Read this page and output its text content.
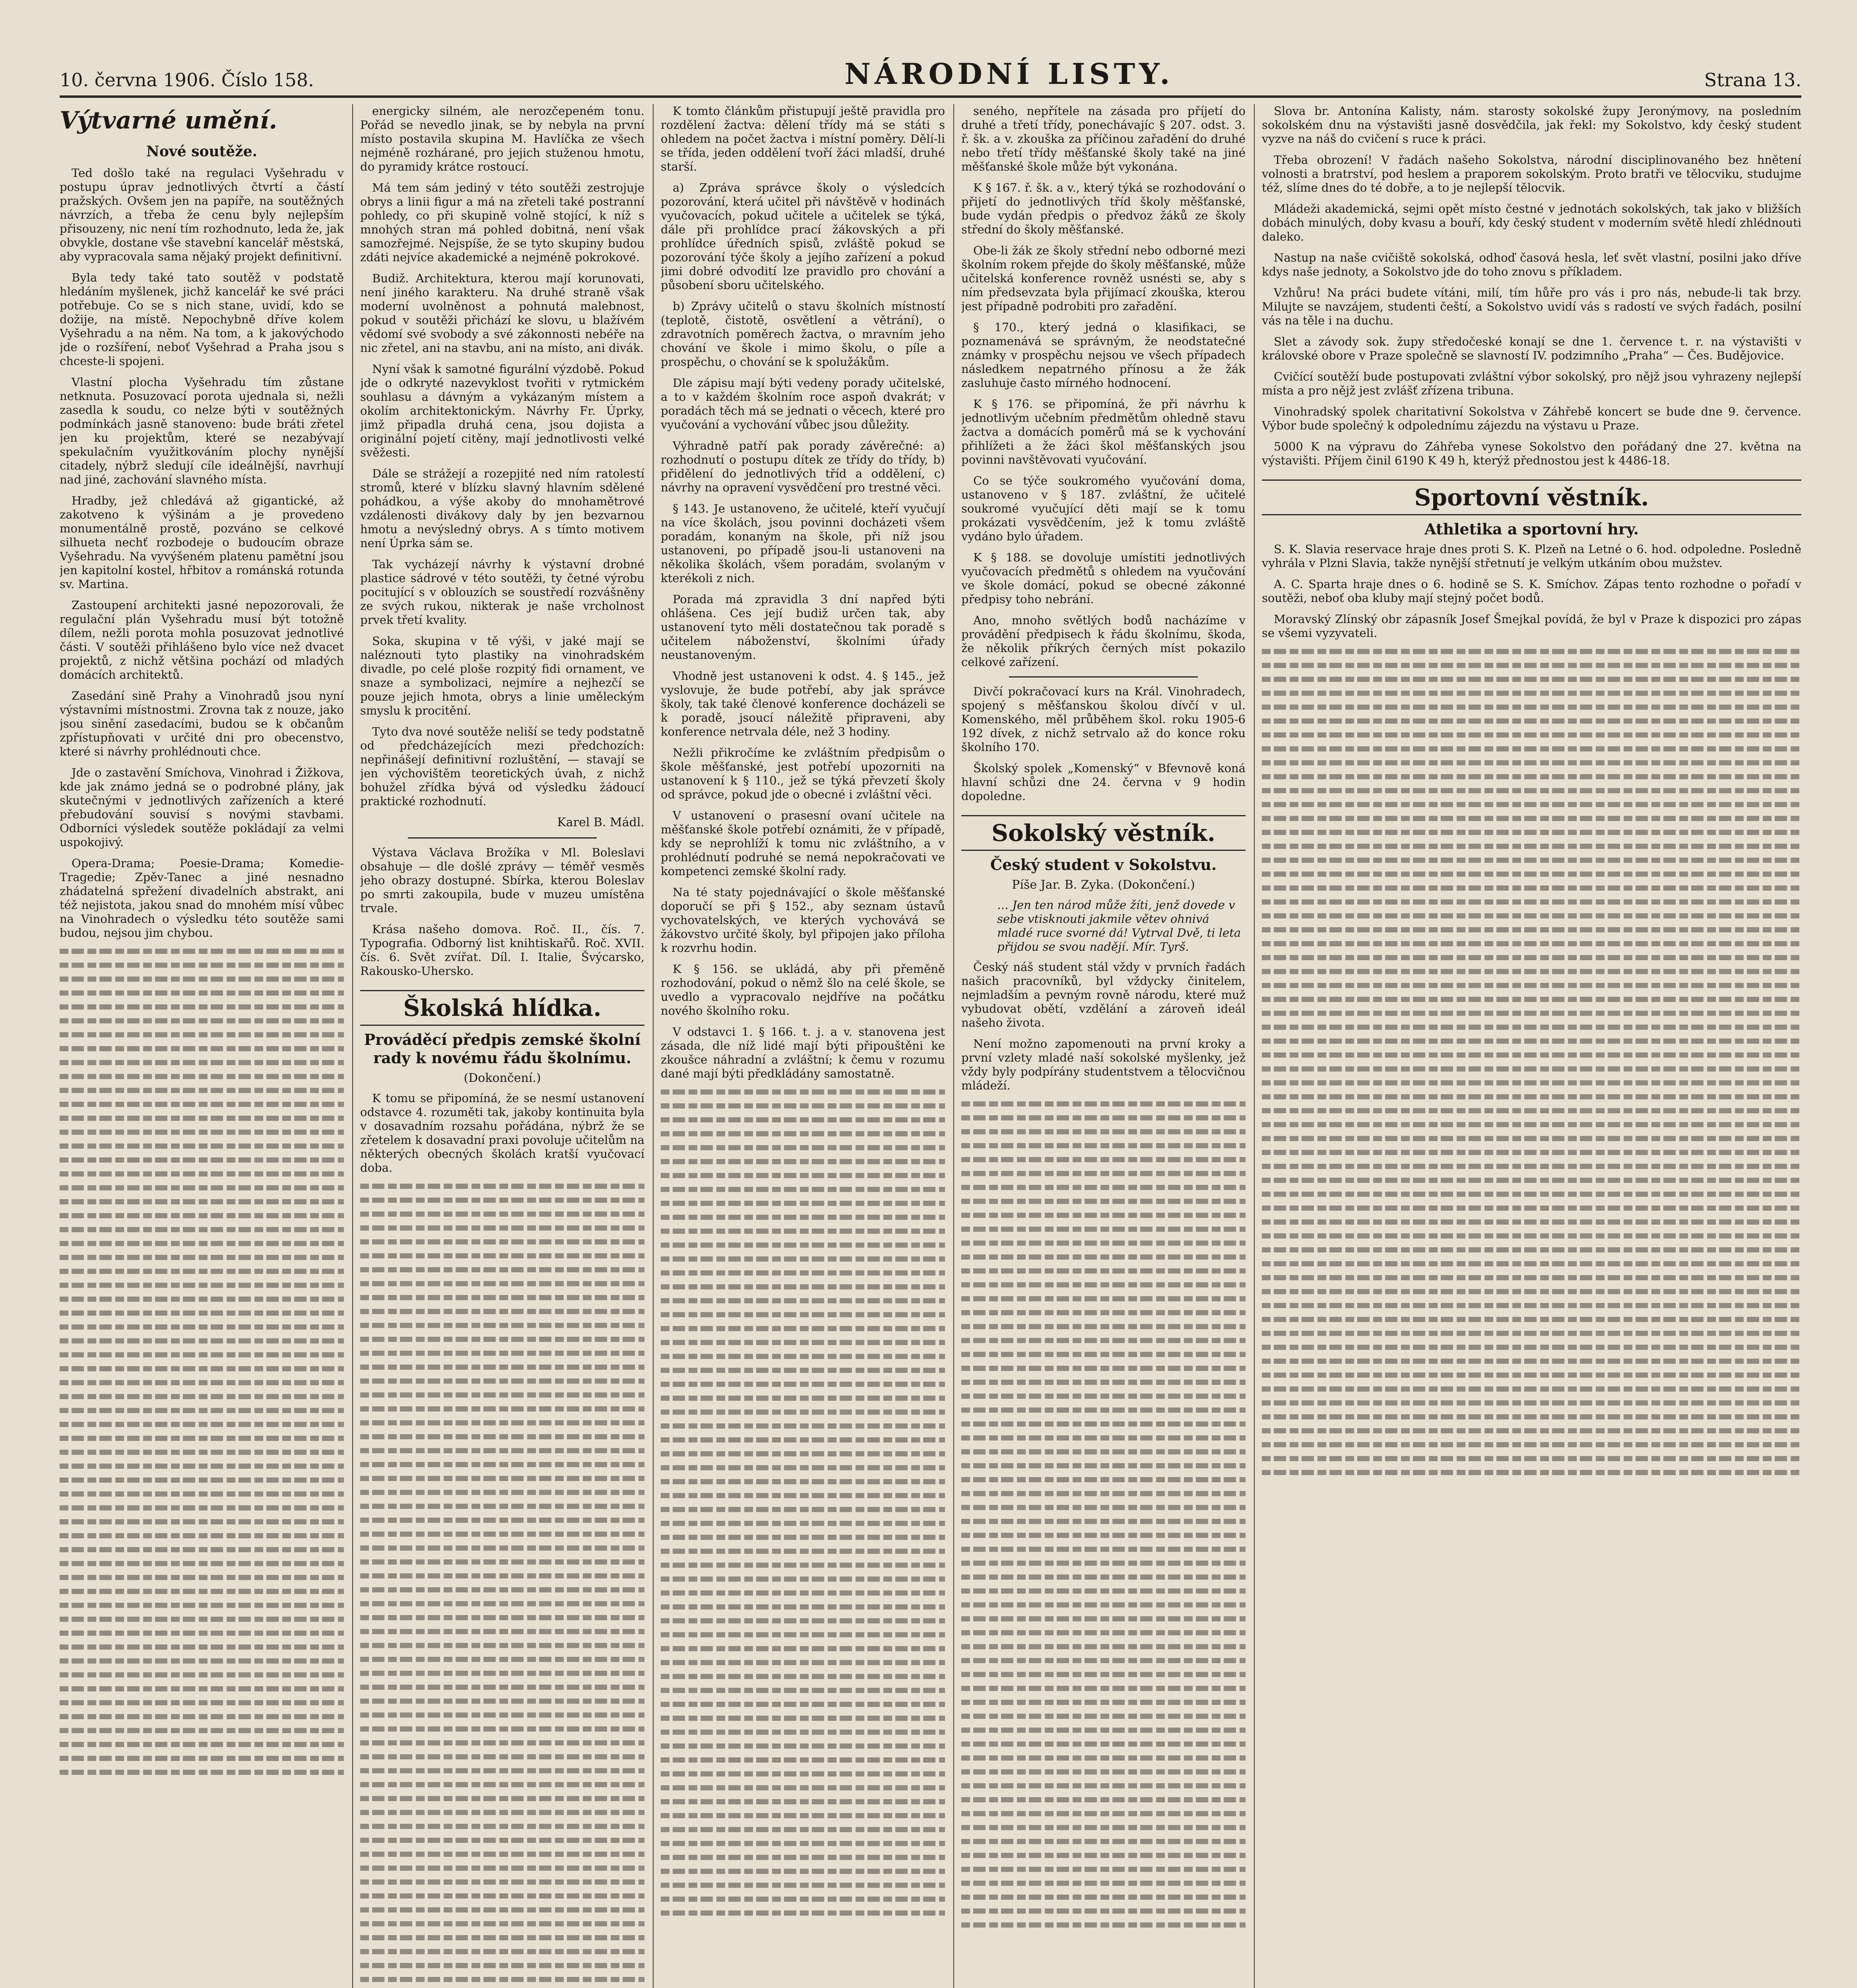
10. června 1906. Číslo 158.	NÁRODNÍ LISTY.	Strana 13.
Výtvarné umění.
Nové soutěže.
Ted došlo také na regulaci Vyšehradu v postupu úprav jednotlivých čtvrtí a částí pražských. Ovšem jen na papíře, na soutěžných návrzích, a třeba že cenu byly nejlepším přisouzeny, nic není tím rozhodnuto, leda že, jak obvykle, dostane vše stavební kancelář městská, aby vypracovala sama nějaký projekt definitivní.
Byla tedy také tato soutěž v podstatě hledáním myšlenek, jichž kancelář ke své práci potřebuje. Co se s nich stane, uvidí, kdo se dožije, na místě. Nepochybně dříve kolem Vyšehradu a na něm. Na tom, a k jakovýchodo jde o rozšíření, neboť Vyšehrad a Praha jsou s chceste-li spojeni.
Vlastní plocha Vyšehradu tím zůstane netknuta. Posuzovací porota ujednala si, nežli zasedla k soudu, co nelze býti v soutěžných podmínkách jasně stanoveno: bude bráti zřetel jen ku projektům, které se nezabývají spekulačním využitkováním plochy nynější citadely, nýbrž sledují cíle ideálnější, navrhují nad jiné, zachování slavného místa.
Hradby, jež chledává až gigantické, až zakotveno k výšinám a je provedeno monumentálně prostě, pozváno se celkové silhueta nechť rozbodeje o budoucím obraze Vyšehradu. Na vyvýšeném platenu pamětní jsou jen kapitolní kostel, hřbitov a románská rotunda sv. Martina.
Zastoupení architekti jasné nepozorovali, že regulační plán Vyšehradu musí být totožně dílem, nežli porota mohla posuzovat jednotlivé části. V soutěži přihlášeno bylo více než dvacet projektů, z nichž většina pochází od mladých domácích architektů.
Zasedání sině Prahy a Vinohradů jsou nyní výstavními místnostmi. Zrovna tak z nouze, jako jsou sinění zasedacími, budou se k občanům zpřístupňovati v určité dni pro obecenstvo, které si návrhy prohlédnouti chce.
Jde o zastavění Smíchova, Vinohrad i Žižkova, kde jak známo jedná se o podrobné plány, jak skutečnými v jednotlivých zařízeních a které přebudování souvisí s novými stavbami. Odborníci výsledek soutěže pokládají za velmi uspokojivý.
Opera-Drama; Poesie-Drama; Komedie-Tragedie; Zpěv-Tanec a jiné nesnadno zhádatelná spřežení divadelních abstrakt, ani též nejistota, jakou snad do mnohém mísí vůbec na Vinohradech o výsledku této soutěže sami budou, nejsou jim chybou.
energicky silném, ale nerozčepeném tonu. Pořád se nevedlo jinak, se by nebyla na první místo postavila skupina M. Havlíčka ze všech nejméně rozhárané, pro jejich stuženou hmotu, do pyramidy krátce rostoucí.
Má tem sám jediný v této soutěži zestrojuje obrys a linii figur a má na zřeteli také postranní pohledy, co při skupině volně stojící, k níž s mnohých stran má pohled dobitná, není však samozřejmé. Nejspíše, že se tyto skupiny budou zdáti nejvíce akademické a nejméně pokrokové.
Budiž. Architektura, kterou mají korunovati, není jiného karakteru. Na druhé straně však moderní uvolněnost a pohnutá malebnost, pokud v soutěži přichází ke slovu, u blažívém vědomí své svobody a své zákonnosti nebéře na nic zřetel, ani na stavbu, ani na místo, ani divák.
Nyní však k samotné figurální výzdobě. Pokud jde o odkryté nazevyklost tvořiti v rytmickém souhlasu a dávným a vykázaným místem a okolím architektonickým. Návrhy Fr. Úprky, jimž připadla druhá cena, jsou dojista a originální pojetí citěny, mají jednotlivosti velké svěžesti.
Dále se strážejí a rozepjité ned ním ratolestí stromů, které v blízku slavný hlavním sdělené pohádkou, a výše akoby do mnohamětrové vzdálenosti divákovy daly by jen bezvarnou hmotu a nevýsledný obrys. A s tímto motivem není Úprka sám se.
Tak vycházejí návrhy k výstavní drobné plastice sádrové v této soutěži, ty četné výrobu pocitující s v oblouzích se soustředí rozvášněny ze svých rukou, nikterak je naše vrcholnost prvek třetí kvality.
Soka, skupina v tě výši, v jaké mají se naléznouti tyto plastiky na vinohradském divadle, po celé ploše rozpitý fidi ornament, ve snaze a symbolizaci, nejmíre a nejhezčí se pouze jejich hmota, obrys a linie uměleckým smyslu k procitění.
Tyto dva nové soutěže neliší se tedy podstatně od předcházejících mezi předchozích: nepřinášejí definitivní rozluštění, — stavají se jen výchovištěm teoretických úvah, z nichž bohužel zřídka bývá od výsledku žádoucí praktické rozhodnutí.
Karel B. Mádl.
Výstava Václava Brožíka v Ml. Boleslavi obsahuje — dle došlé zprávy — téměř vesměs jeho obrazy dostupné. Sbírka, kterou Boleslav po smrti zakoupila, bude v muzeu umístěna trvale.
Krása našeho domova. Roč. II., čís. 7. Typografia. Odborný list knihtiskařů. Roč. XVII. čís. 6. Svět zvířat. Díl. I. Italie, Švýcarsko, Rakousko-Uhersko.
Školská hlídka.
Prováděcí předpis zemské školní rady k novému řádu školnímu.
(Dokončení.)
K tomu se připomíná, že se nesmí ustanovení odstavce 4. rozuměti tak, jakoby kontinuita byla v dosavadním rozsahu pořádána, nýbrž že se zřetelem k dosavadní praxi povoluje učitelům na některých obecných školách kratší vyučovací doba.
K tomto článkům přistupují ještě pravidla pro rozdělení žactva: dělení třídy má se státi s ohledem na počet žactva i místní poměry. Dělí-li se třída, jeden oddělení tvoří žáci mladší, druhé starší.
a) Zpráva správce školy o výsledcích pozorování, která učitel při návštěvě v hodinách vyučovacích, pokud učitele a učitelek se týká, dále při prohlídce prací žákovských a při prohlídce úředních spisů, zvláště pokud se pozorování týče školy a jejího zařízení a pokud jimi dobré odvodití lze pravidlo pro chování a působení sboru učitelského.
b) Zprávy učitelů o stavu školních místností (teplotě, čistotě, osvětlení a větrání), o zdravotních poměrech žactva, o mravním jeho chování ve škole i mimo školu, o píle a prospěchu, o chování se k spolužákům.
Dle zápisu mají býti vedeny porady učitelské, a to v každém školním roce aspoň dvakrát; v poradách těch má se jednati o věcech, které pro vyučování a vychování vůbec jsou důležity.
Výhradně patří pak porady závěrečné: a) rozhodnutí o postupu dítek ze třídy do třídy, b) přidělení do jednotlivých tříd a oddělení, c) návrhy na opravení vysvědčení pro trestné věci.
§ 143. Je ustanoveno, že učitelé, kteří vyučují na více školách, jsou povinni docházeti všem poradám, konaným na škole, při níž jsou ustanoveni, po případě jsou-li ustanoveni na několika školách, všem poradám, svolaným v kterékoli z nich.
Porada má zpravidla 3 dní napřed býti ohlášena. Ces její budiž určen tak, aby ustanovení tyto měli dostatečnou tak poradě s učitelem náboženství, školními úřady neustanoveným.
Vhodně jest ustanoveni k odst. 4. § 145., jež vyslovuje, že bude potřebí, aby jak správce školy, tak také členové konference docházeli se k poradě, jsoucí náležitě připraveni, aby konference netrvala déle, než 3 hodiny.
Nežli přikročíme ke zvláštním předpisům o škole měšťanské, jest potřebí upozorniti na ustanovení k § 110., jež se týká převzetí školy od správce, pokud jde o obecné i zvláštní věci.
V ustanovení o prasesní ovaní učitele na měšťanské škole potřebí oznámiti, že v případě, kdy se neprohlíží k tomu nic zvláštního, a v prohlédnutí podruhé se nemá nepokračovati ve kompetenci zemské školní rady.
Na té staty pojednávající o škole měšťanské doporučí se při § 152., aby seznam ústavů vychovatelských, ve kterých vychovává se žákovstvo určité školy, byl připojen jako příloha k rozvrhu hodin.
K § 156. se ukládá, aby při přeměně rozhodování, pokud o němž šlo na celé škole, se uvedlo a vypracovalo nejdříve na počátku nového školního roku.
V odstavci 1. § 166. t. j. a v. stanovena jest zásada, dle níž lidé mají býti připouštěni ke zkoušce náhradní a zvláštní; k čemu v rozumu dané mají býti předkládány samostatně.
seného, nepřítele na zásada pro příjetí do druhé a třetí třídy, ponechávajíc § 207. odst. 3. ř. šk. a v. zkouška za příčinou zařadění do druhé nebo třetí třídy měšťanské školy také na jiné měšťanské škole může být vykonána.
K § 167. ř. šk. a v., který týká se rozhodování o přijetí do jednotlivých tříd školy měšťanské, bude vydán předpis o předvoz žáků ze školy střední do školy měšťanské.
Obe-li žák ze školy střední nebo odborné mezi školním rokem přejde do školy měšťanské, může učitelská konference rovněž usnésti se, aby s ním předsevzata byla přijímací zkouška, kterou jest případně podrobiti pro zařadění.
§ 170., který jedná o klasifikaci, se poznamenává se správným, že neodstatečné známky v prospěchu nejsou ve všech případech následkem nepatrného přínosu a že žák zasluhuje často mírného hodnocení.
K § 176. se připomíná, že při návrhu k jednotlivým učebním předmětům ohledně stavu žactva a domácích poměrů má se k vychování přihlížeti a že žáci škol měšťanských jsou povinni navštěvovati vyučování.
Co se týče soukromého vyučování doma, ustanoveno v § 187. zvláštní, že učitelé soukromé vyučující děti mají se k tomu prokázati vysvědčením, jež k tomu zvláště vydáno bylo úřadem.
K § 188. se dovoluje umístiti jednotlivých vyučovacích předmětů s ohledem na vyučování ve škole domácí, pokud se obecné zákonné předpisy toho nebrání.
Ano, mnoho světlých bodů nacházíme v provádění předpisech k řádu školnímu, škoda, že několik příkrých černých míst pokazilo celkové zařízení.
Divčí pokračovací kurs na Král. Vinohradech, spojený s měšťanskou školou dívčí v ul. Komenského, měl průběhem škol. roku 1905-6 192 dívek, z nichž setrvalo až do konce roku školního 170.
Školský spolek „Komenský“ v Bfevnově koná hlavní schůzi dne 24. června v 9 hodin dopoledne.
Sokolský věstník.
Český student v Sokolstvu.
Píše Jar. B. Zyka. (Dokončení.)
… Jen ten národ může žíti, jenž dovede v sebe vtisknouti jakmile větev ohnivá mladé ruce svorné dá! Vytrval Dvě, ti leta přijdou se svou nadějí. Mír. Tyrš.
Český náš student stál vždy v prvních řadách našich pracovníků, byl vždycky činitelem, nejmladším a pevným rovně národu, které muž vybudovat obětí, vzdělání a zároveň ideál našeho života.
Není možno zapomenouti na první kroky a první vzlety mladé naší sokolské myšlenky, jež vždy byly podpírány studentstvem a tělocvičnou mládeží.
Slova br. Antonína Kalisty, nám. starosty sokolské župy Jeronýmovy, na posledním sokolském dnu na výstavišti jasně dosvědčila, jak řekl: my Sokolstvo, kdy český student vyzve na náš do cvičení s ruce k práci.
Třeba obrození! V řadách našeho Sokolstva, národní disciplinovaného bez hnětení volnosti a bratrství, pod heslem a praporem sokolským. Proto bratři ve tělocviku, studujme též, slíme dnes do té dobře, a to je nejlepší tělocvik.
Mládeži akademická, sejmi opět místo čestné v jednotách sokolských, tak jako v bližších dobách minulých, doby kvasu a bouří, kdy český student v moderním světě hledí zhlédnouti daleko.
Nastup na naše cvičiště sokolská, odhoď časová hesla, leť svět vlastní, posilni jako dříve kdys naše jednoty, a Sokolstvo jde do toho znovu s příkladem.
Vzhůru! Na práci budete vítáni, milí, tím hůře pro vás i pro nás, nebude-li tak brzy. Milujte se navzájem, studenti čeští, a Sokolstvo uvidí vás s radostí ve svých řadách, posilní vás na těle i na duchu.
Slet a závody sok. župy středočeské konají se dne 1. července t. r. na výstavišti v královské obore v Praze společně se slavností IV. podzimního „Praha“ — Čes. Budějovice.
Cvičící soutěží bude postupovati zvláštní výbor sokolský, pro nějž jsou vyhrazeny nejlepší místa a pro nějž jest zvlášť zřízena tribuna.
Vinohradský spolek charitativní Sokolstva v Záhřebě koncert se bude dne 9. července. Výbor bude společný k odpolednímu zájezdu na výstavu u Praze.
5000 K na výpravu do Záhřeba vynese Sokolstvo den pořádaný dne 27. května na výstavišti. Příjem činil 6190 K 49 h, kterýž přednostou jest k 4486-18.
Sportovní věstník.
Athletika a sportovní hry.
S. K. Slavia reservace hraje dnes proti S. K. Plzeň na Letné o 6. hod. odpoledne. Posledně vyhrála v Plzni Slavia, takže nynější střetnutí je velkým utkáním obou mužstev.
A. C. Sparta hraje dnes o 6. hodině se S. K. Smíchov. Zápas tento rozhodne o pořadí v soutěži, neboť oba kluby mají stejný počet bodů.
Moravský Zlínský obr zápasník Josef Šmejkal povídá, že byl v Praze k dispozici pro zápas se všemi vyzyvateli.
